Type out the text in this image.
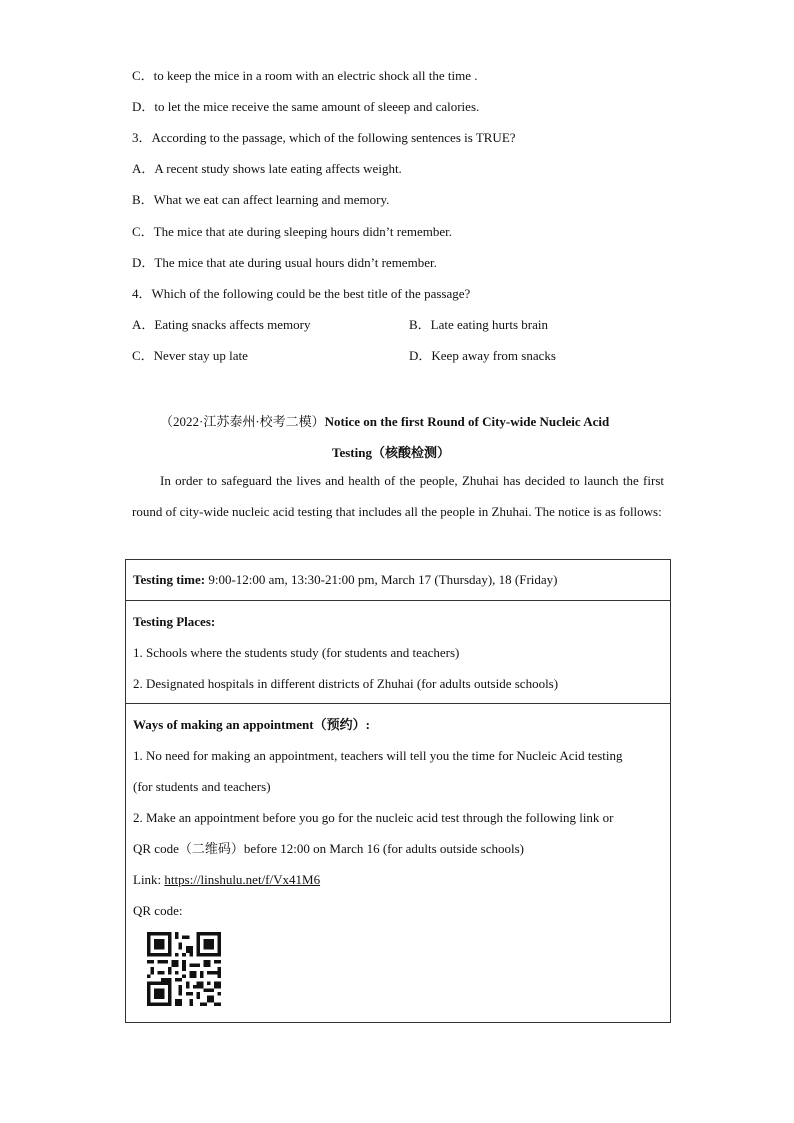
C．to keep the mice in a room with an electric shock all the time .
D．to let the mice receive the same amount of sleeep and calories.
3．According to the passage, which of the following sentences is TRUE?
A．A recent study shows late eating affects weight.
B．What we eat can affect learning and memory.
C．The mice that ate during sleeping hours didn’t remember.
D．The mice that ate during usual hours didn’t remember.
4．Which of the following could be the best title of the passage?
A．Eating snacks affects memory	B．Late eating hurts brain
C．Never stay up late	D．Keep away from snacks
（2022·江苏泰州·校考二模）Notice on the first Round of City-wide Nucleic Acid
Testing（核酸检测）
In order to safeguard the lives and health of the people, Zhuhai has decided to launch the first round of city-wide nucleic acid testing that includes all the people in Zhuhai. The notice is as follows:
Testing time: 9:00-12:00 am, 13:30-21:00 pm, March 17 (Thursday), 18 (Friday)

Testing Places:
1. Schools where the students study (for students and teachers)
2. Designated hospitals in different districts of Zhuhai (for adults outside schools)

Ways of making an appointment（预约）:
1. No need for making an appointment, teachers will tell you the time for Nucleic Acid testing
(for students and teachers)
2. Make an appointment before you go for the nucleic acid test through the following link or
QR code（二维码）before 12:00 on March 16 (for adults outside schools)
Link: https://linshulu.net/f/Vx41M6
QR code:
